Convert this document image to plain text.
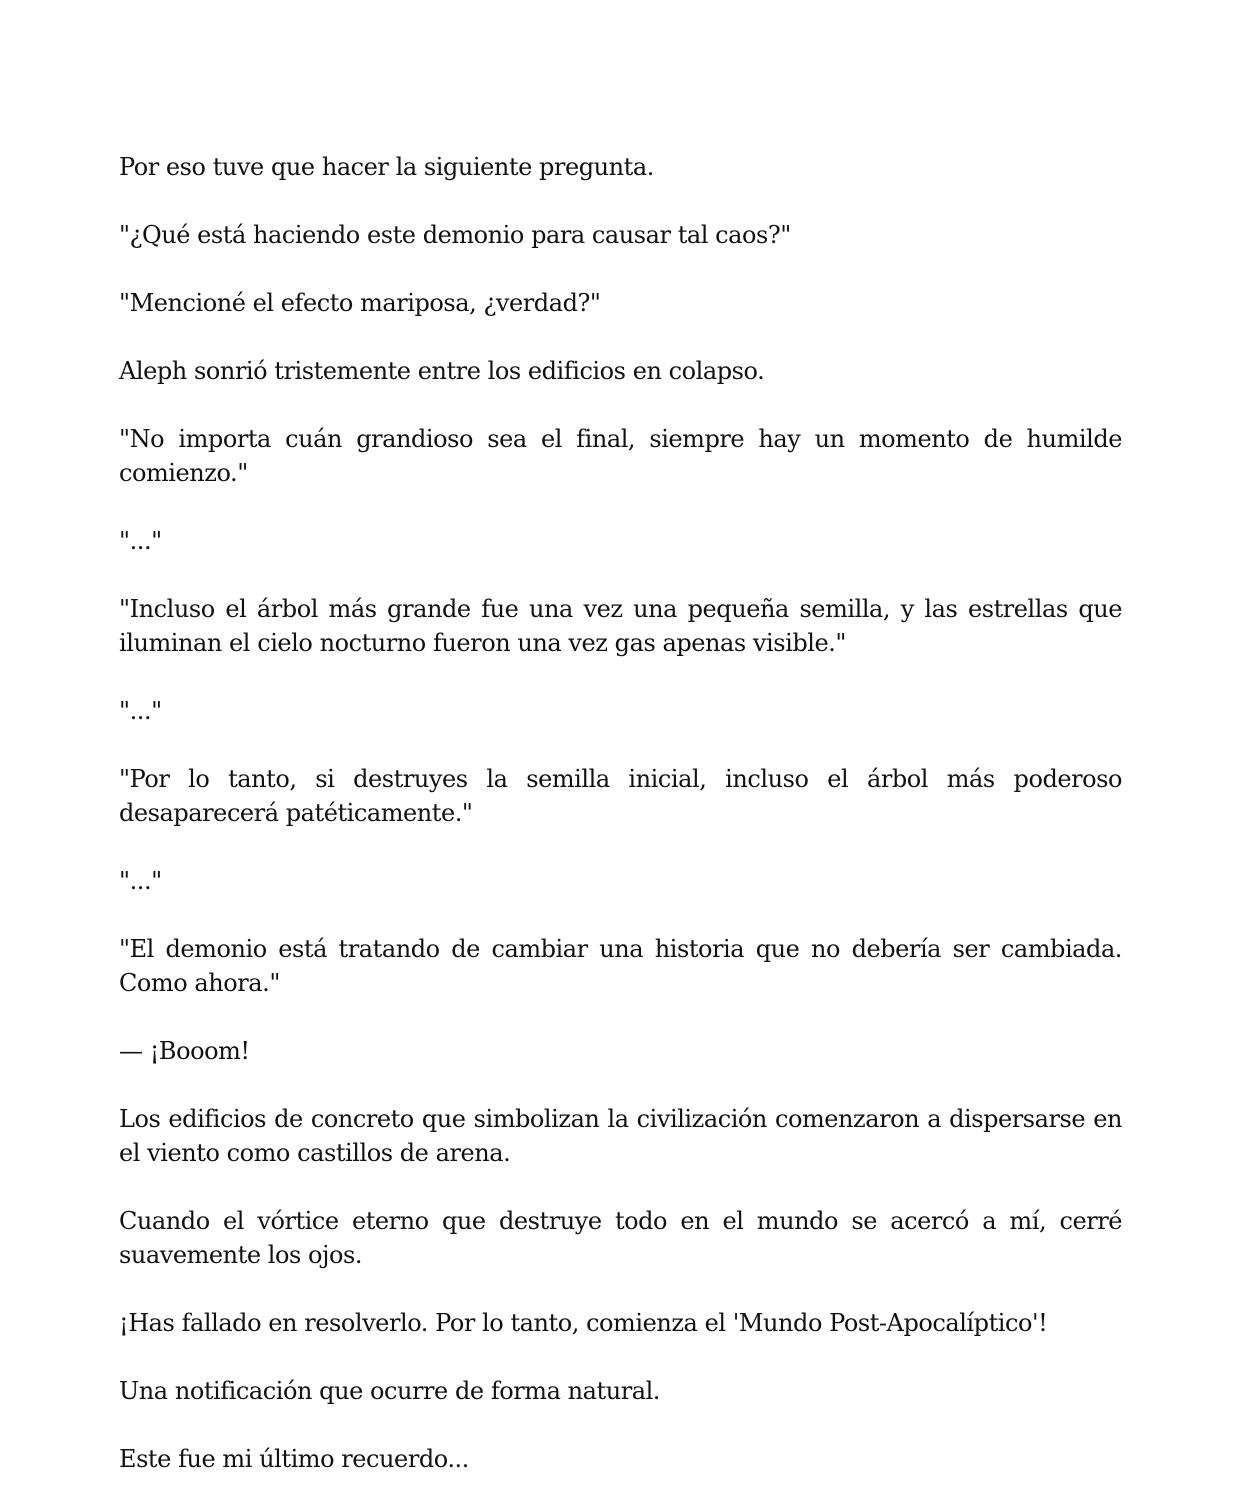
Por eso tuve que hacer la siguiente pregunta.

"¿Qué está haciendo este demonio para causar tal caos?"

"Mencioné el efecto mariposa, ¿verdad?"

Aleph sonrió tristemente entre los edificios en colapso.

"No importa cuán grandioso sea el final, siempre hay un momento de humilde comienzo."

"..."

"Incluso el árbol más grande fue una vez una pequeña semilla, y las estrellas que iluminan el cielo nocturno fueron una vez gas apenas visible."

"..."

"Por lo tanto, si destruyes la semilla inicial, incluso el árbol más poderoso desaparecerá patéticamente."

"..."

"El demonio está tratando de cambiar una historia que no debería ser cambiada. Como ahora."

— ¡Booom!

Los edificios de concreto que simbolizan la civilización comenzaron a dispersarse en el viento como castillos de arena.

Cuando el vórtice eterno que destruye todo en el mundo se acercó a mí, cerré suavemente los ojos.

¡Has fallado en resolverlo. Por lo tanto, comienza el 'Mundo Post-Apocalíptico'!

Una notificación que ocurre de forma natural.

Este fue mi último recuerdo...
